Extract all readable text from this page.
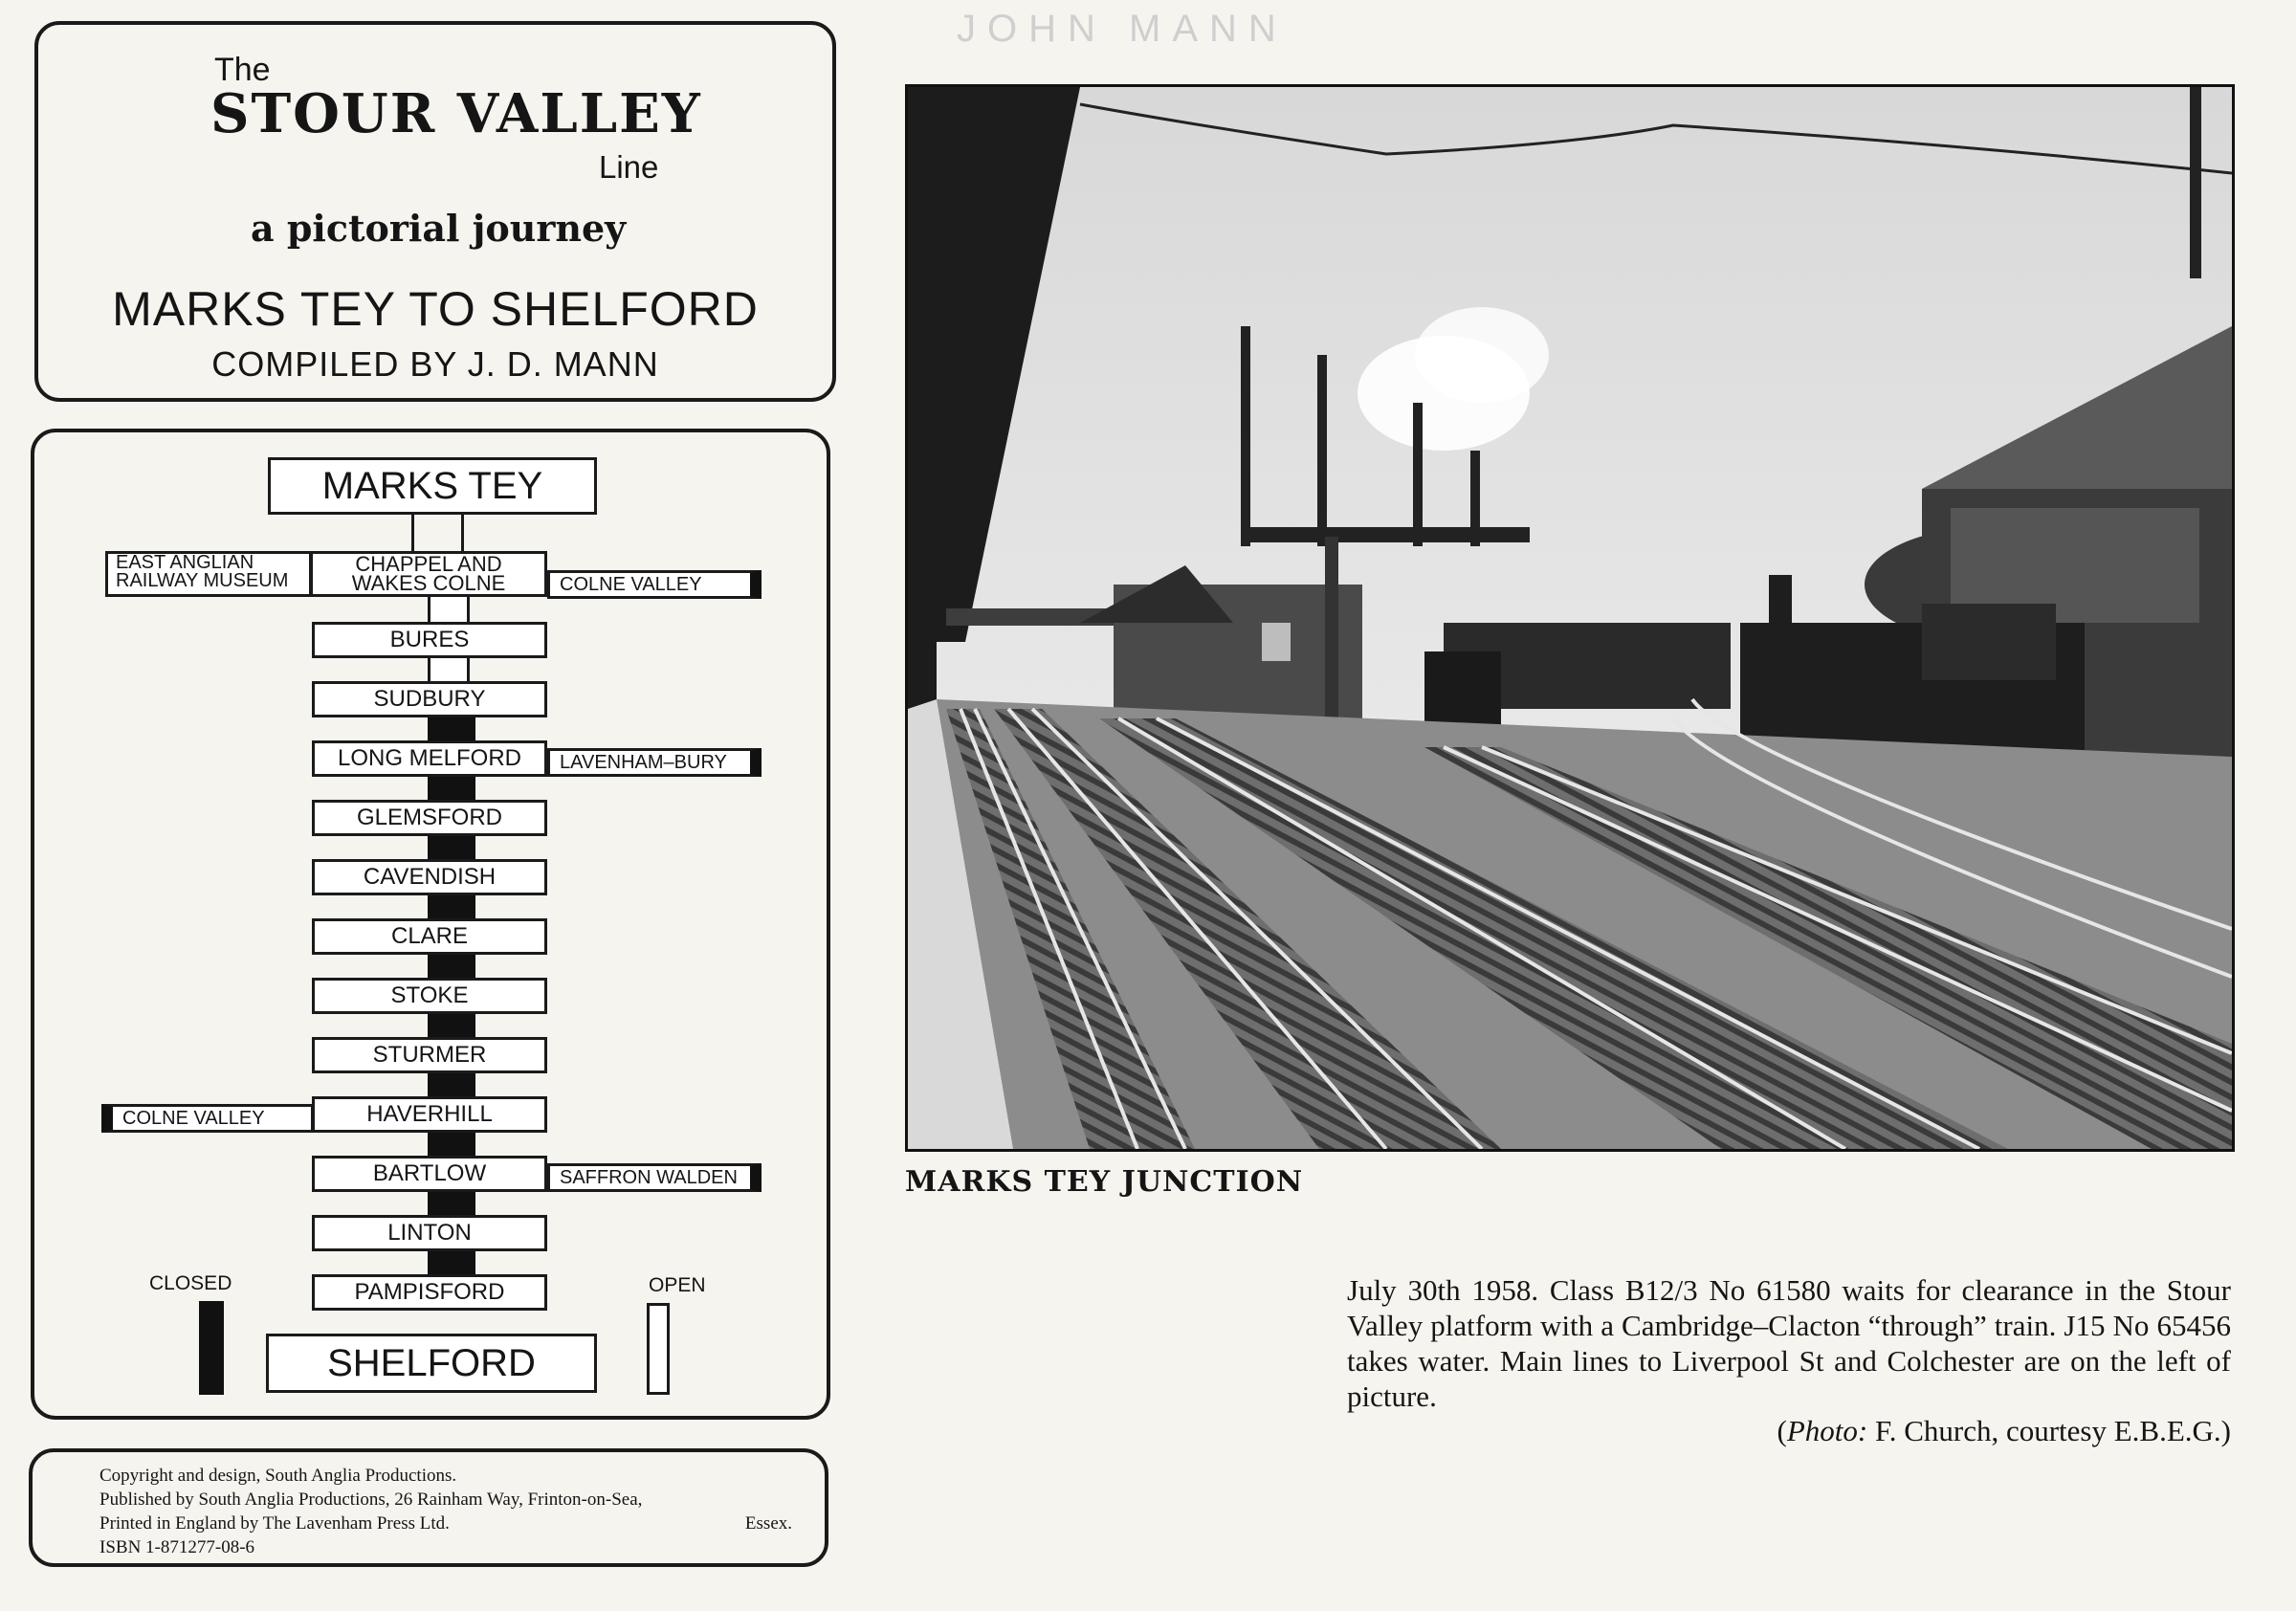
The
STOUR VALLEY
Line
a pictorial journey
MARKS TEY TO SHELFORD
COMPILED BY J. D. MANN
MARKS TEY
EAST ANGLIAN
RAILWAY MUSEUM
CHAPPEL AND
WAKES COLNE	COLNE VALLEY
BURES
SUDBURY
LONG MELFORD	LAVENHAM–BURY
GLEMSFORD
CAVENDISH
CLARE
STOKE
STURMER
COLNE VALLEY	HAVERHILL
BARTLOW	SAFFRON WALDEN
LINTON
PAMPISFORD
SHELFORD
CLOSED	OPEN
Copyright and design, South Anglia Productions.
Published by South Anglia Productions, 26 Rainham Way, Frinton-on-Sea,
Printed in England by The Lavenham Press Ltd.
ISBN 1-871277-08-6
Essex.
JOHN MANN
MARKS TEY JUNCTION
July 30th 1958. Class B12/3 No 61580 waits for clearance in the Stour Valley platform with a Cambridge–Clacton “through” train. J15 No 65456 takes water. Main lines to Liverpool St and Colchester are on the left of picture.
(Photo: F. Church, courtesy E.B.E.G.)
